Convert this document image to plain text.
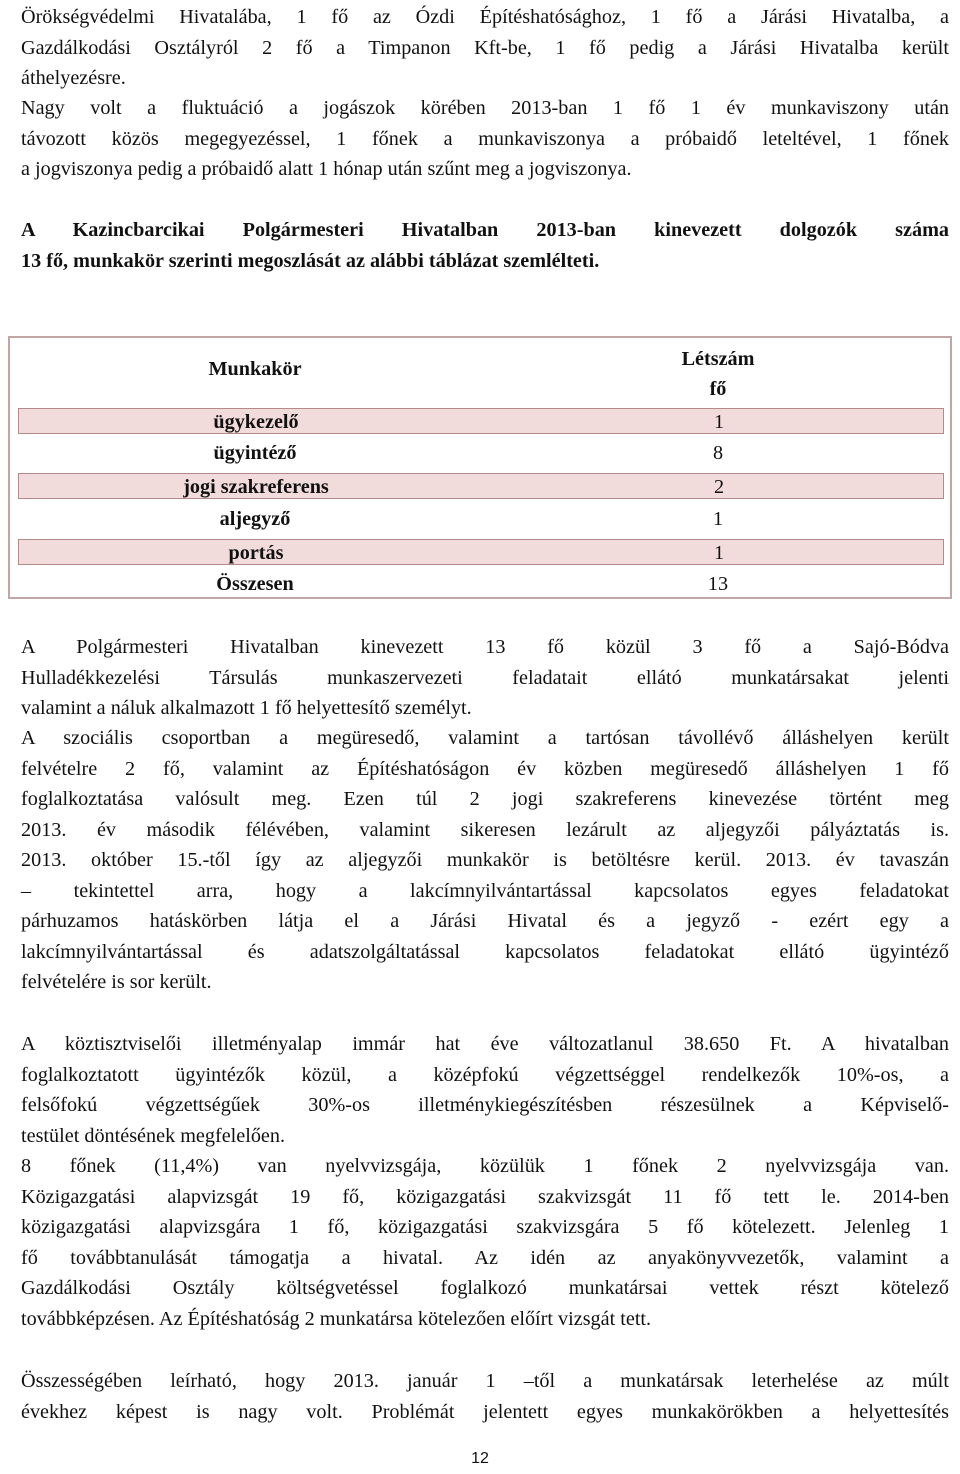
Örökségvédelmi Hivatalába, 1 fő az Ózdi Építéshatósághoz, 1 fő a Járási Hivatalba, a
Gazdálkodási Osztályról 2 fő a Timpanon Kft-be, 1 fő pedig a Járási Hivatalba került
áthelyezésre.
Nagy volt a fluktuáció a jogászok körében 2013-ban 1 fő 1 év munkaviszony után
távozott közös megegyezéssel, 1 főnek a munkaviszonya a próbaidő leteltével, 1 főnek
a jogviszonya pedig a próbaidő alatt 1 hónap után szűnt meg a jogviszonya.
A Kazincbarcikai Polgármesteri Hivatalban 2013-ban kinevezett dolgozók száma
13 fő, munkakör szerinti megoszlását az alábbi táblázat szemlélteti.
Munkakör	Létszám
fő
ügykezelő	1
ügyintéző	8
jogi szakreferens	2
aljegyző	1
portás	1
Összesen	13
A Polgármesteri Hivatalban kinevezett 13 fő közül 3 fő a Sajó-Bódva
Hulladékkezelési Társulás munkaszervezeti feladatait ellátó munkatársakat jelenti
valamint a náluk alkalmazott 1 fő helyettesítő személyt.
A szociális csoportban a megüresedő, valamint a tartósan távollévő álláshelyen került
felvételre 2 fő, valamint az Építéshatóságon év közben megüresedő álláshelyen 1 fő
foglalkoztatása valósult meg. Ezen túl 2 jogi szakreferens kinevezése történt meg
2013. év második félévében, valamint sikeresen lezárult az aljegyzői pályáztatás is.
2013. október 15.-től így az aljegyzői munkakör is betöltésre kerül. 2013. év tavaszán
– tekintettel arra, hogy a lakcímnyilvántartással kapcsolatos egyes feladatokat
párhuzamos hatáskörben látja el a Járási Hivatal és a jegyző - ezért egy a
lakcímnyilvántartással és adatszolgáltatással kapcsolatos feladatokat ellátó ügyintéző
felvételére is sor került.
A köztisztviselői illetményalap immár hat éve változatlanul 38.650 Ft. A hivatalban
foglalkoztatott ügyintézők közül, a középfokú végzettséggel rendelkezők 10%-os, a
felsőfokú végzettségűek 30%-os illetménykiegészítésben részesülnek a Képviselő-
testület döntésének megfelelően.
8 főnek (11,4%) van nyelvvizsgája, közülük 1 főnek 2 nyelvvizsgája van.
Közigazgatási alapvizsgát 19 fő, közigazgatási szakvizsgát 11 fő tett le. 2014-ben
közigazgatási alapvizsgára 1 fő, közigazgatási szakvizsgára 5 fő kötelezett. Jelenleg 1
fő továbbtanulását támogatja a hivatal. Az idén az anyakönyvvezetők, valamint a
Gazdálkodási Osztály költségvetéssel foglalkozó munkatársai vettek részt kötelező
továbbképzésen. Az Építéshatóság 2 munkatársa kötelezően előírt vizsgát tett.
Összességében leírható, hogy 2013. január 1 –től a munkatársak leterhelése az múlt
évekhez képest is nagy volt. Problémát jelentett egyes munkakörökben a helyettesítés
12
